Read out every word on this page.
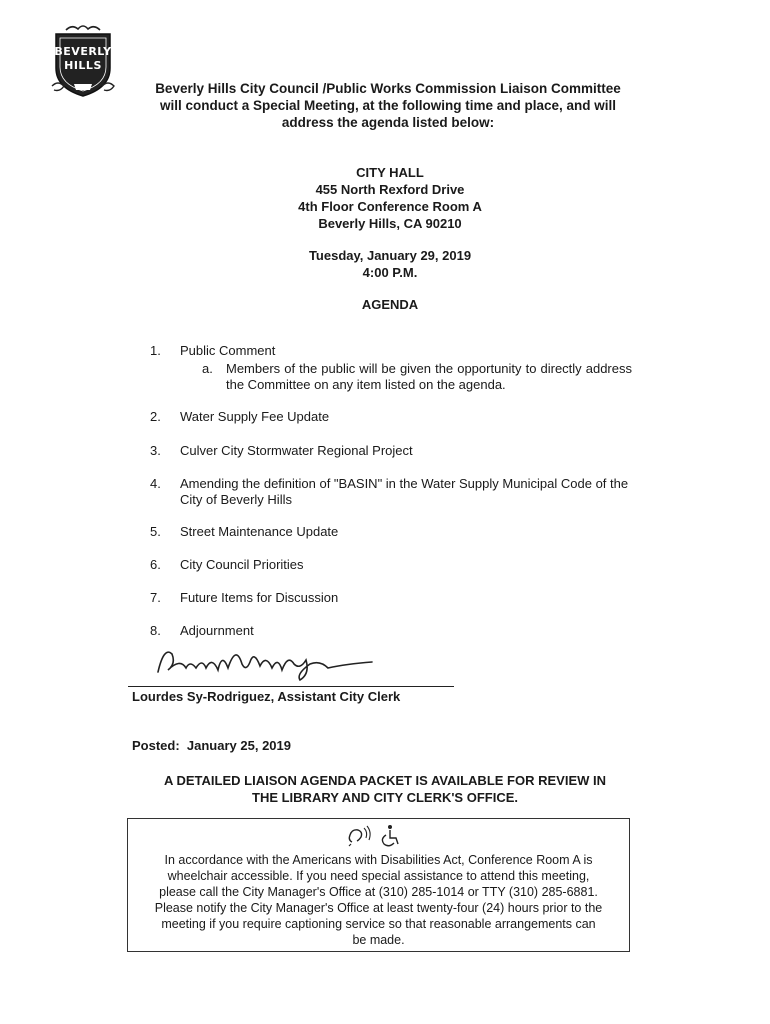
BEVERLY
HILLS
Beverly Hills City Council /Public Works Commission Liaison Committee
will conduct a Special Meeting, at the following time and place, and will
address the agenda listed below:
CITY HALL
455 North Rexford Drive
4th Floor Conference Room A
Beverly Hills, CA 90210
Tuesday, January 29, 2019
4:00 P.M.
AGENDA
1.	Public Comment
a. Members of the public will be given the opportunity to directly address the Committee on any item listed on the agenda.
2.	Water Supply Fee Update
3.	Culver City Stormwater Regional Project
4.	Amending the definition of "BASIN" in the Water Supply Municipal Code of the City of Beverly Hills
5.	Street Maintenance Update
6.	City Council Priorities
7.	Future Items for Discussion
8.	Adjournment
Lourdes Sy-Rodriguez, Assistant City Clerk
Posted: January 25, 2019
A DETAILED LIAISON AGENDA PACKET IS AVAILABLE FOR REVIEW IN
THE LIBRARY AND CITY CLERK'S OFFICE.
In accordance with the Americans with Disabilities Act, Conference Room A is
wheelchair accessible. If you need special assistance to attend this meeting,
please call the City Manager's Office at (310) 285-1014 or TTY (310) 285-6881.
Please notify the City Manager's Office at least twenty-four (24) hours prior to the
meeting if you require captioning service so that reasonable arrangements can
be made.
